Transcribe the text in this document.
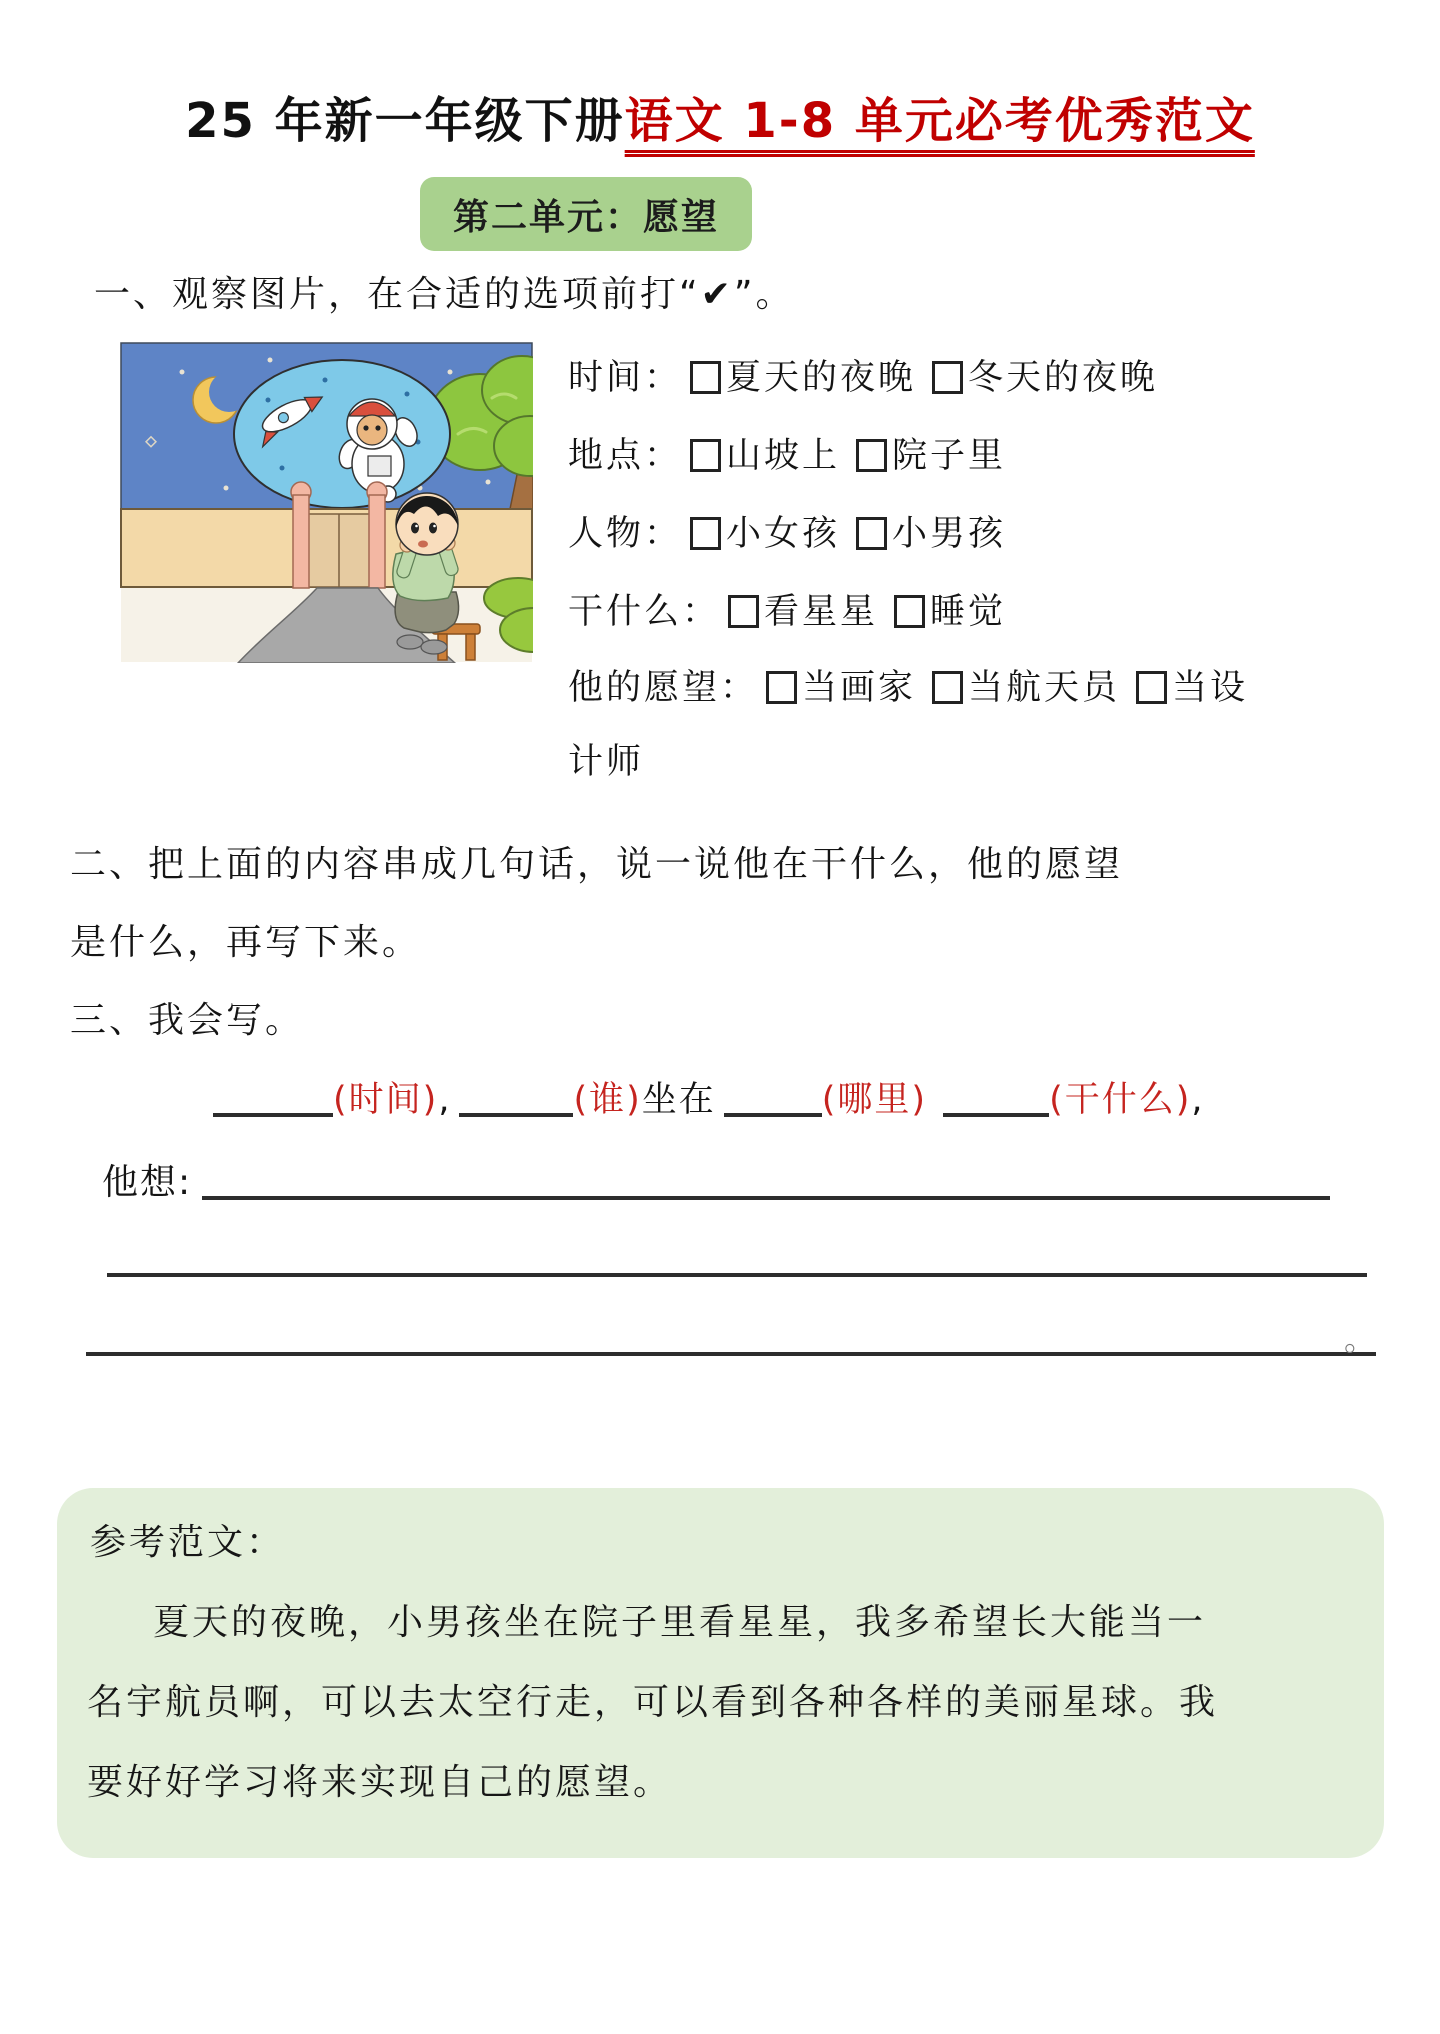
25 年新一年级下册语文 1-8 单元必考优秀范文
第二单元：愿望
一、观察图片，在合适的选项前打“✔”。
时间： 夏天的夜晚 冬天的夜晚
地点： 山坡上 院子里
人物： 小女孩 小男孩
干什么： 看星星 睡觉
他的愿望： 当画家 当航天员 当设
计师
二、把上面的内容串成几句话，说一说他在干什么，他的愿望
是什么，再写下来。
三、我会写。
(时间),	(谁)坐在	(哪里)	(干什么),
他想:
。
参考范文：
夏天的夜晚，小男孩坐在院子里看星星，我多希望长大能当一
名宇航员啊，可以去太空行走，可以看到各种各样的美丽星球。我
要好好学习将来实现自己的愿望。
